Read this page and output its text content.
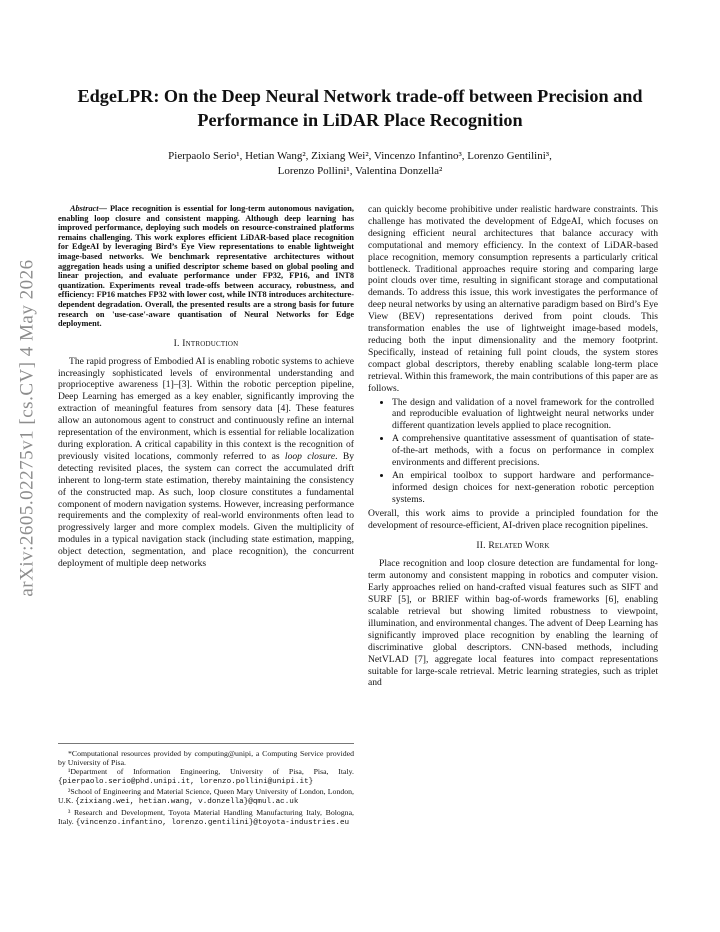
arXiv:2605.02275v1 [cs.CV] 4 May 2026
EdgeLPR: On the Deep Neural Network trade-off between Precision and Performance in LiDAR Place Recognition
Pierpaolo Serio¹, Hetian Wang², Zixiang Wei², Vincenzo Infantino³, Lorenzo Gentilini³,
Lorenzo Pollini¹, Valentina Donzella²

Abstract— Place recognition is essential for long-term autonomous navigation, enabling loop closure and consistent mapping. Although deep learning has improved performance, deploying such models on resource-constrained platforms remains challenging. This work explores efficient LiDAR-based place recognition for EdgeAI by leveraging Bird’s Eye View representations to enable lightweight image-based networks. We benchmark representative architectures without aggregation heads using a unified descriptor scheme based on global pooling and linear projection, and evaluate performance under FP32, FP16, and INT8 quantization. Experiments reveal trade-offs between accuracy, robustness, and efficiency: FP16 matches FP32 with lower cost, while INT8 introduces architecture-dependent degradation. Overall, the presented results are a strong basis for future research on 'use-case'-aware quantisation of Neural Networks for Edge deployment.

I. Introduction

The rapid progress of Embodied AI is enabling robotic systems to achieve increasingly sophisticated levels of environmental understanding and proprioceptive awareness [1]–[3]. Within the robotic perception pipeline, Deep Learning has emerged as a key enabler, significantly improving the extraction of meaningful features from sensory data [4]. These features allow an autonomous agent to construct and continuously refine an internal representation of the environment, which is essential for reliable localization during exploration. A critical capability in this context is the recognition of previously visited locations, commonly referred to as loop closure. By detecting revisited places, the system can correct the accumulated drift inherent to long-term state estimation, thereby maintaining the consistency of the constructed map. As such, loop closure constitutes a fundamental component of modern navigation systems. However, increasing performance requirements and the complexity of real-world environments often lead to progressively larger and more complex models. Given the multiplicity of modules in a typical navigation stack (including state estimation, mapping, object detection, segmentation, and place recognition), the concurrent deployment of multiple deep networks

*Computational resources provided by computing@unipi, a Computing Service provided by University of Pisa.

¹Department of Information Engineering, University of Pisa, Pisa, Italy. {pierpaolo.serio@phd.unipi.it, lorenzo.pollini@unipi.it}

²School of Engineering and Material Science, Queen Mary University of London, London, U.K. {zixiang.wei, hetian.wang, v.donzella}@qmul.ac.uk

³ Research and Development, Toyota Material Handling Manufacturing Italy, Bologna, Italy. {vincenzo.infantino, lorenzo.gentilini}@toyota-industries.eu

can quickly become prohibitive under realistic hardware constraints. This challenge has motivated the development of EdgeAI, which focuses on designing efficient neural architectures that balance accuracy with computational and memory efficiency. In the context of LiDAR-based place recognition, memory consumption represents a particularly critical bottleneck. Traditional approaches require storing and comparing large point clouds over time, resulting in significant storage and computational demands. To address this issue, this work investigates the performance of deep neural networks by using an alternative paradigm based on Bird’s Eye View (BEV) representations derived from point clouds. This transformation enables the use of lightweight image-based models, reducing both the input dimensionality and the memory footprint. Specifically, instead of retaining full point clouds, the system stores compact global descriptors, thereby enabling scalable long-term place retrieval. Within this framework, the main contributions of this paper are as follows.

• The design and validation of a novel framework for the controlled and reproducible evaluation of lightweight neural networks under different quantization levels applied to place recognition.
• A comprehensive quantitative assessment of quantisation of state-of-the-art methods, with a focus on performance in complex environments and different precisions.
• An empirical toolbox to support hardware and performance-informed design choices for next-generation robotic perception systems.

Overall, this work aims to provide a principled foundation for the development of resource-efficient, AI-driven place recognition pipelines.

II. Related Work

Place recognition and loop closure detection are fundamental for long-term autonomy and consistent mapping in robotics and computer vision. Early approaches relied on hand-crafted visual features such as SIFT and SURF [5], or BRIEF within bag-of-words frameworks [6], enabling scalable retrieval but showing limited robustness to viewpoint, illumination, and environmental changes. The advent of Deep Learning has significantly improved place recognition by enabling the learning of discriminative global descriptors. CNN-based methods, including NetVLAD [7], aggregate local features into compact representations suitable for large-scale retrieval. Metric learning strategies, such as triplet and
